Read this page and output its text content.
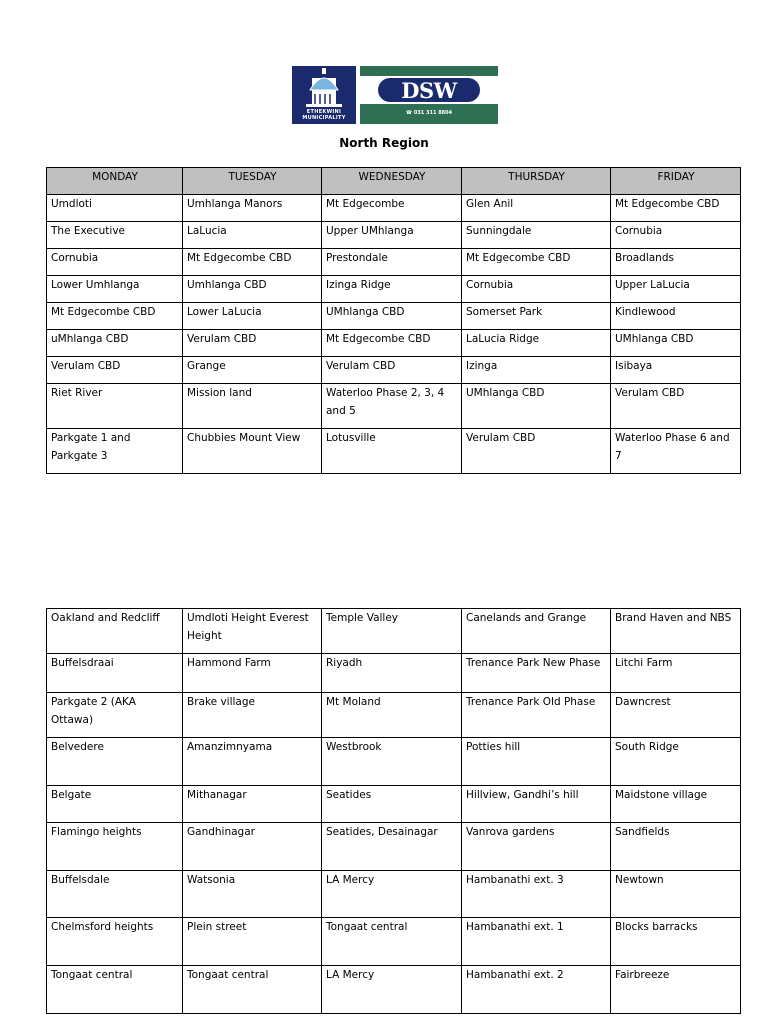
ETHEKWINI
MUNICIPALITY
DSW
☎ 031 311 8804
North Region
MONDAY	TUESDAY	WEDNESDAY	THURSDAY	FRIDAY
Umdloti	Umhlanga Manors	Mt Edgecombe	Glen Anil	Mt Edgecombe CBD
The Executive	LaLucia	Upper UMhlanga	Sunningdale	Cornubia
Cornubia	Mt Edgecombe CBD	Prestondale	Mt Edgecombe CBD	Broadlands
Lower Umhlanga	Umhlanga CBD	Izinga Ridge	Cornubia	Upper LaLucia
Mt Edgecombe CBD	Lower LaLucia	UMhlanga CBD	Somerset Park	Kindlewood
uMhlanga CBD	Verulam CBD	Mt Edgecombe CBD	LaLucia Ridge	UMhlanga CBD
Verulam CBD	Grange	Verulam CBD	Izinga	Isibaya
Riet River	Mission land	Waterloo Phase 2, 3, 4 and 5	UMhlanga CBD	Verulam CBD
Parkgate 1 and Parkgate 3	Chubbies Mount View	Lotusville	Verulam CBD	Waterloo Phase 6 and 7
Oakland and Redcliff	Umdloti Height Everest Height	Temple Valley	Canelands and Grange	Brand Haven and NBS
Buffelsdraai	Hammond Farm	Riyadh	Trenance Park New Phase	Litchi Farm
Parkgate 2 (AKA Ottawa)	Brake village	Mt Moland	Trenance Park Old Phase	Dawncrest
Belvedere	Amanzimnyama	Westbrook	Potties hill	South Ridge
Belgate	Mithanagar	Seatides	Hillview, Gandhi’s hill	Maidstone village
Flamingo heights	Gandhinagar	Seatides, Desainagar	Vanrova gardens	Sandfields
Buffelsdale	Watsonia	LA Mercy	Hambanathi ext. 3	Newtown
Chelmsford heights	Plein street	Tongaat central	Hambanathi ext. 1	Blocks barracks
Tongaat central	Tongaat central	LA Mercy	Hambanathi ext. 2	Fairbreeze
